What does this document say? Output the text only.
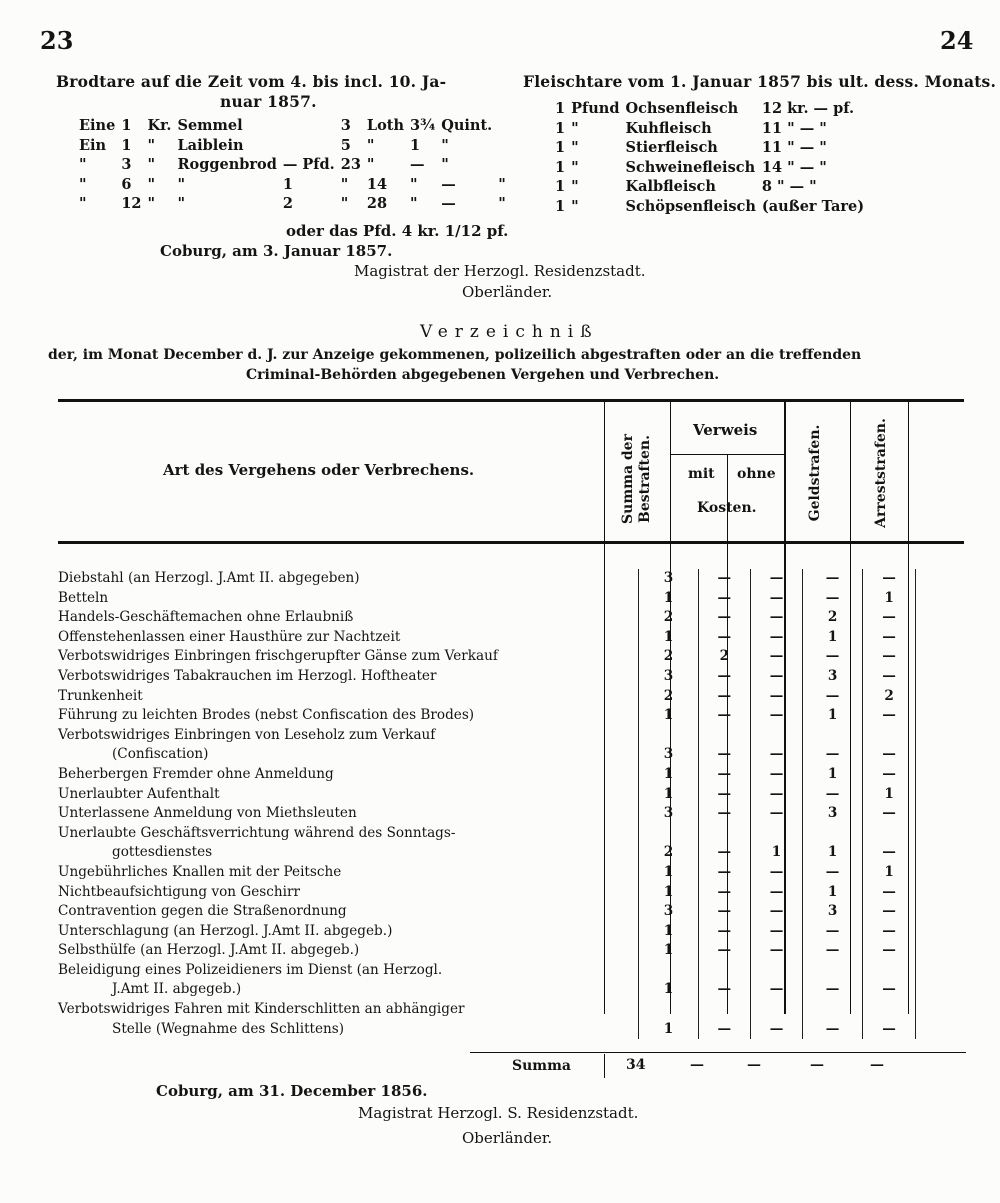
23	24
Brodtare auf die Zeit vom 4. bis incl. 10. Ja-
nuar 1857.
Eine	1	Kr.	Semmel		3	Loth	3¾	Quint.	
Ein	1	"	Laiblein		5	"	1	"	
"	3	"	Roggenbrod	— Pfd.	23	"	—	"	
"	6	"	"	1	"	14	"	—	"
"	12	"	"	2	"	28	"	—	"
oder das Pfd. 4 kr. 1/12 pf.
Coburg, am 3. Januar 1857.
Magistrat der Herzogl. Residenzstadt.
Oberländer.
Fleischtare vom 1. Januar 1857 bis ult. dess. Monats.
1	Pfund	Ochsenfleisch	12 kr. — pf.
1	"	Kuhfleisch	11 " — "
1	"	Stierfleisch	11 " — "
1	"	Schweinefleisch	14 " — "
1	"	Kalbfleisch	8 " — "
1	"	Schöpsenfleisch	(außer Tare)
Verzeichniß
der, im Monat December d. J. zur Anzeige gekommenen, polizeilich abgestraften oder an die treffenden
Criminal-Behörden abgegebenen Vergehen und Verbrechen.
Art des Vergehens oder Verbrechens.	Summa der Bestraften.
Verweis
mit ohne
Kosten.	Geldstrafen.	Arreststrafen.
Diebstahl (an Herzogl. J.Amt II. abgegeben)	3	—	—	—	—	
Betteln	1	—	—	—	1	
Handels-Geschäftemachen ohne Erlaubniß	2	—	—	2	—	
Offenstehenlassen einer Hausthüre zur Nachtzeit	1	—	—	1	—	
Verbotswidriges Einbringen frischgerupfter Gänse zum Verkauf	2	2	—	—	—	
Verbotswidriges Tabakrauchen im Herzogl. Hoftheater	3	—	—	3	—	
Trunkenheit	2	—	—	—	2	
Führung zu leichten Brodes (nebst Confiscation des Brodes)	1	—	—	1	—	
Verbotswidriges Einbringen von Leseholz zum Verkauf						
(Confiscation)	3	—	—	—	—	
Beherbergen Fremder ohne Anmeldung	1	—	—	1	—	
Unerlaubter Aufenthalt	1	—	—	—	1	
Unterlassene Anmeldung von Miethsleuten	3	—	—	3	—	
Unerlaubte Geschäftsverrichtung während des Sonntags-						
gottesdienstes	2	—	1	1	—	
Ungebührliches Knallen mit der Peitsche	1	—	—	—	1	
Nichtbeaufsichtigung von Geschirr	1	—	—	1	—	
Contravention gegen die Straßenordnung	3	—	—	3	—	
Unterschlagung (an Herzogl. J.Amt II. abgegeb.)	1	—	—	—	—	
Selbsthülfe (an Herzogl. J.Amt II. abgegeb.)	1	—	—	—	—	
Beleidigung eines Polizeidieners im Dienst (an Herzogl.						
J.Amt II. abgegeb.)	1	—	—	—	—	
Verbotswidriges Fahren mit Kinderschlitten an abhängiger						
Stelle (Wegnahme des Schlittens)	1	—	—	—	—	
Summa	34	—	—	—	—
Coburg, am 31. December 1856.
Magistrat Herzogl. S. Residenzstadt.
Oberländer.
